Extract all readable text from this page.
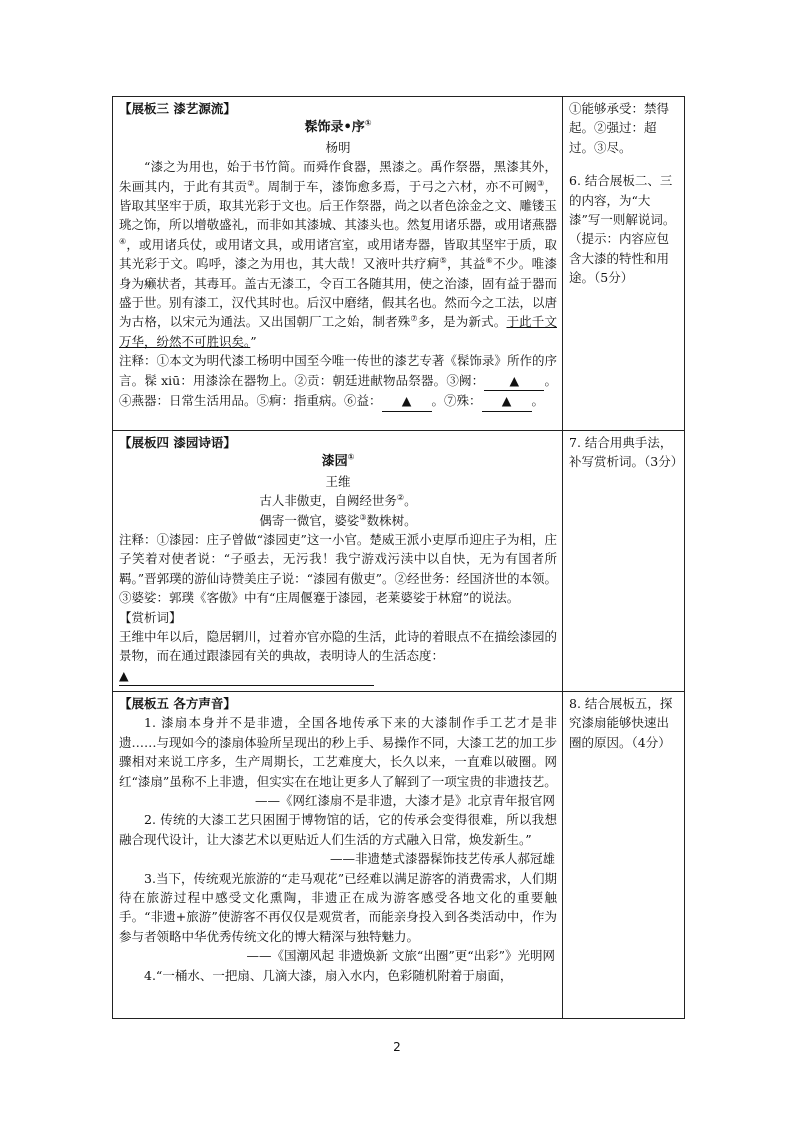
【展板三 漆艺源流】
髹饰录•序①
杨明

“漆之为用也，始于书竹简。而舜作食器，黑漆之。禹作祭器，黑漆其外，朱画其内，于此有其贡②。周制于车，漆饰愈多焉，于弓之六材，亦不可阙③，皆取其坚牢于质，取其光彩于文也。后王作祭器，尚之以者色涂金之文、雕镂玉珧之饰，所以增敬盛礼，而非如其漆城、其漆头也。然复用诸乐器，或用诸燕器④，或用诸兵仗，或用诸文具，或用诸宫室，或用诸寿器，皆取其坚牢于质，取其光彩于文。呜呼，漆之为用也，其大哉！又液叶共疗痾⑤，其益⑥不少。唯漆身为癞状者，其毒耳。盖古无漆工，令百工各随其用，使之治漆，固有益于器而盛于世。别有漆工，汉代其时也。后汉中磨绪，假其名也。然而今之工法，以唐为古格，以宋元为通法。又出国朝厂工之始，制者殊⑦多，是为新式。于此千文万华，纷然不可胜识矣。”

注释：①本文为明代漆工杨明中国至今唯一传世的漆艺专著《髹饰录》所作的序言。髹 xiū：用漆涂在器物上。②贡：朝廷进献物品祭器。③阙： ▲ 。④燕器：日常生活用品。⑤痾：指重病。⑥益： ▲ 。⑦殊： ▲ 。

①能够承受：禁得起。②强过：超过。③尽。
6. 结合展板二、三的内容，为“大漆”写一则解说词。（提示：内容应包含大漆的特性和用途。（5分）
【展板四 漆园诗语】
漆园①
王维
古人非傲吏，自阙经世务②。
偶寄一微官，婆娑③数株树。

注释：①漆园：庄子曾做“漆园吏”这一小官。楚威王派小吏厚币迎庄子为相，庄子笑着对使者说：“子亟去，无污我！我宁游戏污渎中以自快，无为有国者所羁。”晋郭璞的游仙诗赞美庄子说：“漆园有傲吏”。②经世务：经国济世的本领。③婆娑：郭璞《客傲》中有“庄周偃蹇于漆园，老莱婆娑于林窟”的说法。

【赏析词】

王维中年以后，隐居辋川，过着亦官亦隐的生活，此诗的着眼点不在描绘漆园的景物，而在通过跟漆园有关的典故，表明诗人的生活态度：

▲
7. 结合用典手法，补写赏析词。（3分）
【展板五 各方声音】

1. 漆扇本身并不是非遗，全国各地传承下来的大漆制作手工艺才是非遗……与现如今的漆扇体验所呈现出的秒上手、易操作不同，大漆工艺的加工步骤相对来说工序多，生产周期长，工艺难度大，长久以来，一直难以破圈。网红“漆扇”虽称不上非遗，但实实在在地让更多人了解到了一项宝贵的非遗技艺。

——《网红漆扇不是非遗，大漆才是》北京青年报官网

2. 传统的大漆工艺只困囿于博物馆的话，它的传承会变得很难，所以我想融合现代设计，让大漆艺术以更贴近人们生活的方式融入日常，焕发新生。”

——非遗楚式漆器髹饰技艺传承人郝冠雄

3.当下，传统观光旅游的“走马观花”已经难以满足游客的消费需求，人们期待在旅游过程中感受文化熏陶，非遗正在成为游客感受各地文化的重要触手。“非遗+旅游”使游客不再仅仅是观赏者，而能亲身投入到各类活动中，作为参与者领略中华优秀传统文化的博大精深与独特魅力。

——《国潮风起 非遗焕新 文旅“出圈”更“出彩”》光明网

4.“一桶水、一把扇、几滴大漆，扇入水内，色彩随机附着于扇面，

8. 结合展板五，探究漆扇能够快速出圈的原因。（4分）
2
